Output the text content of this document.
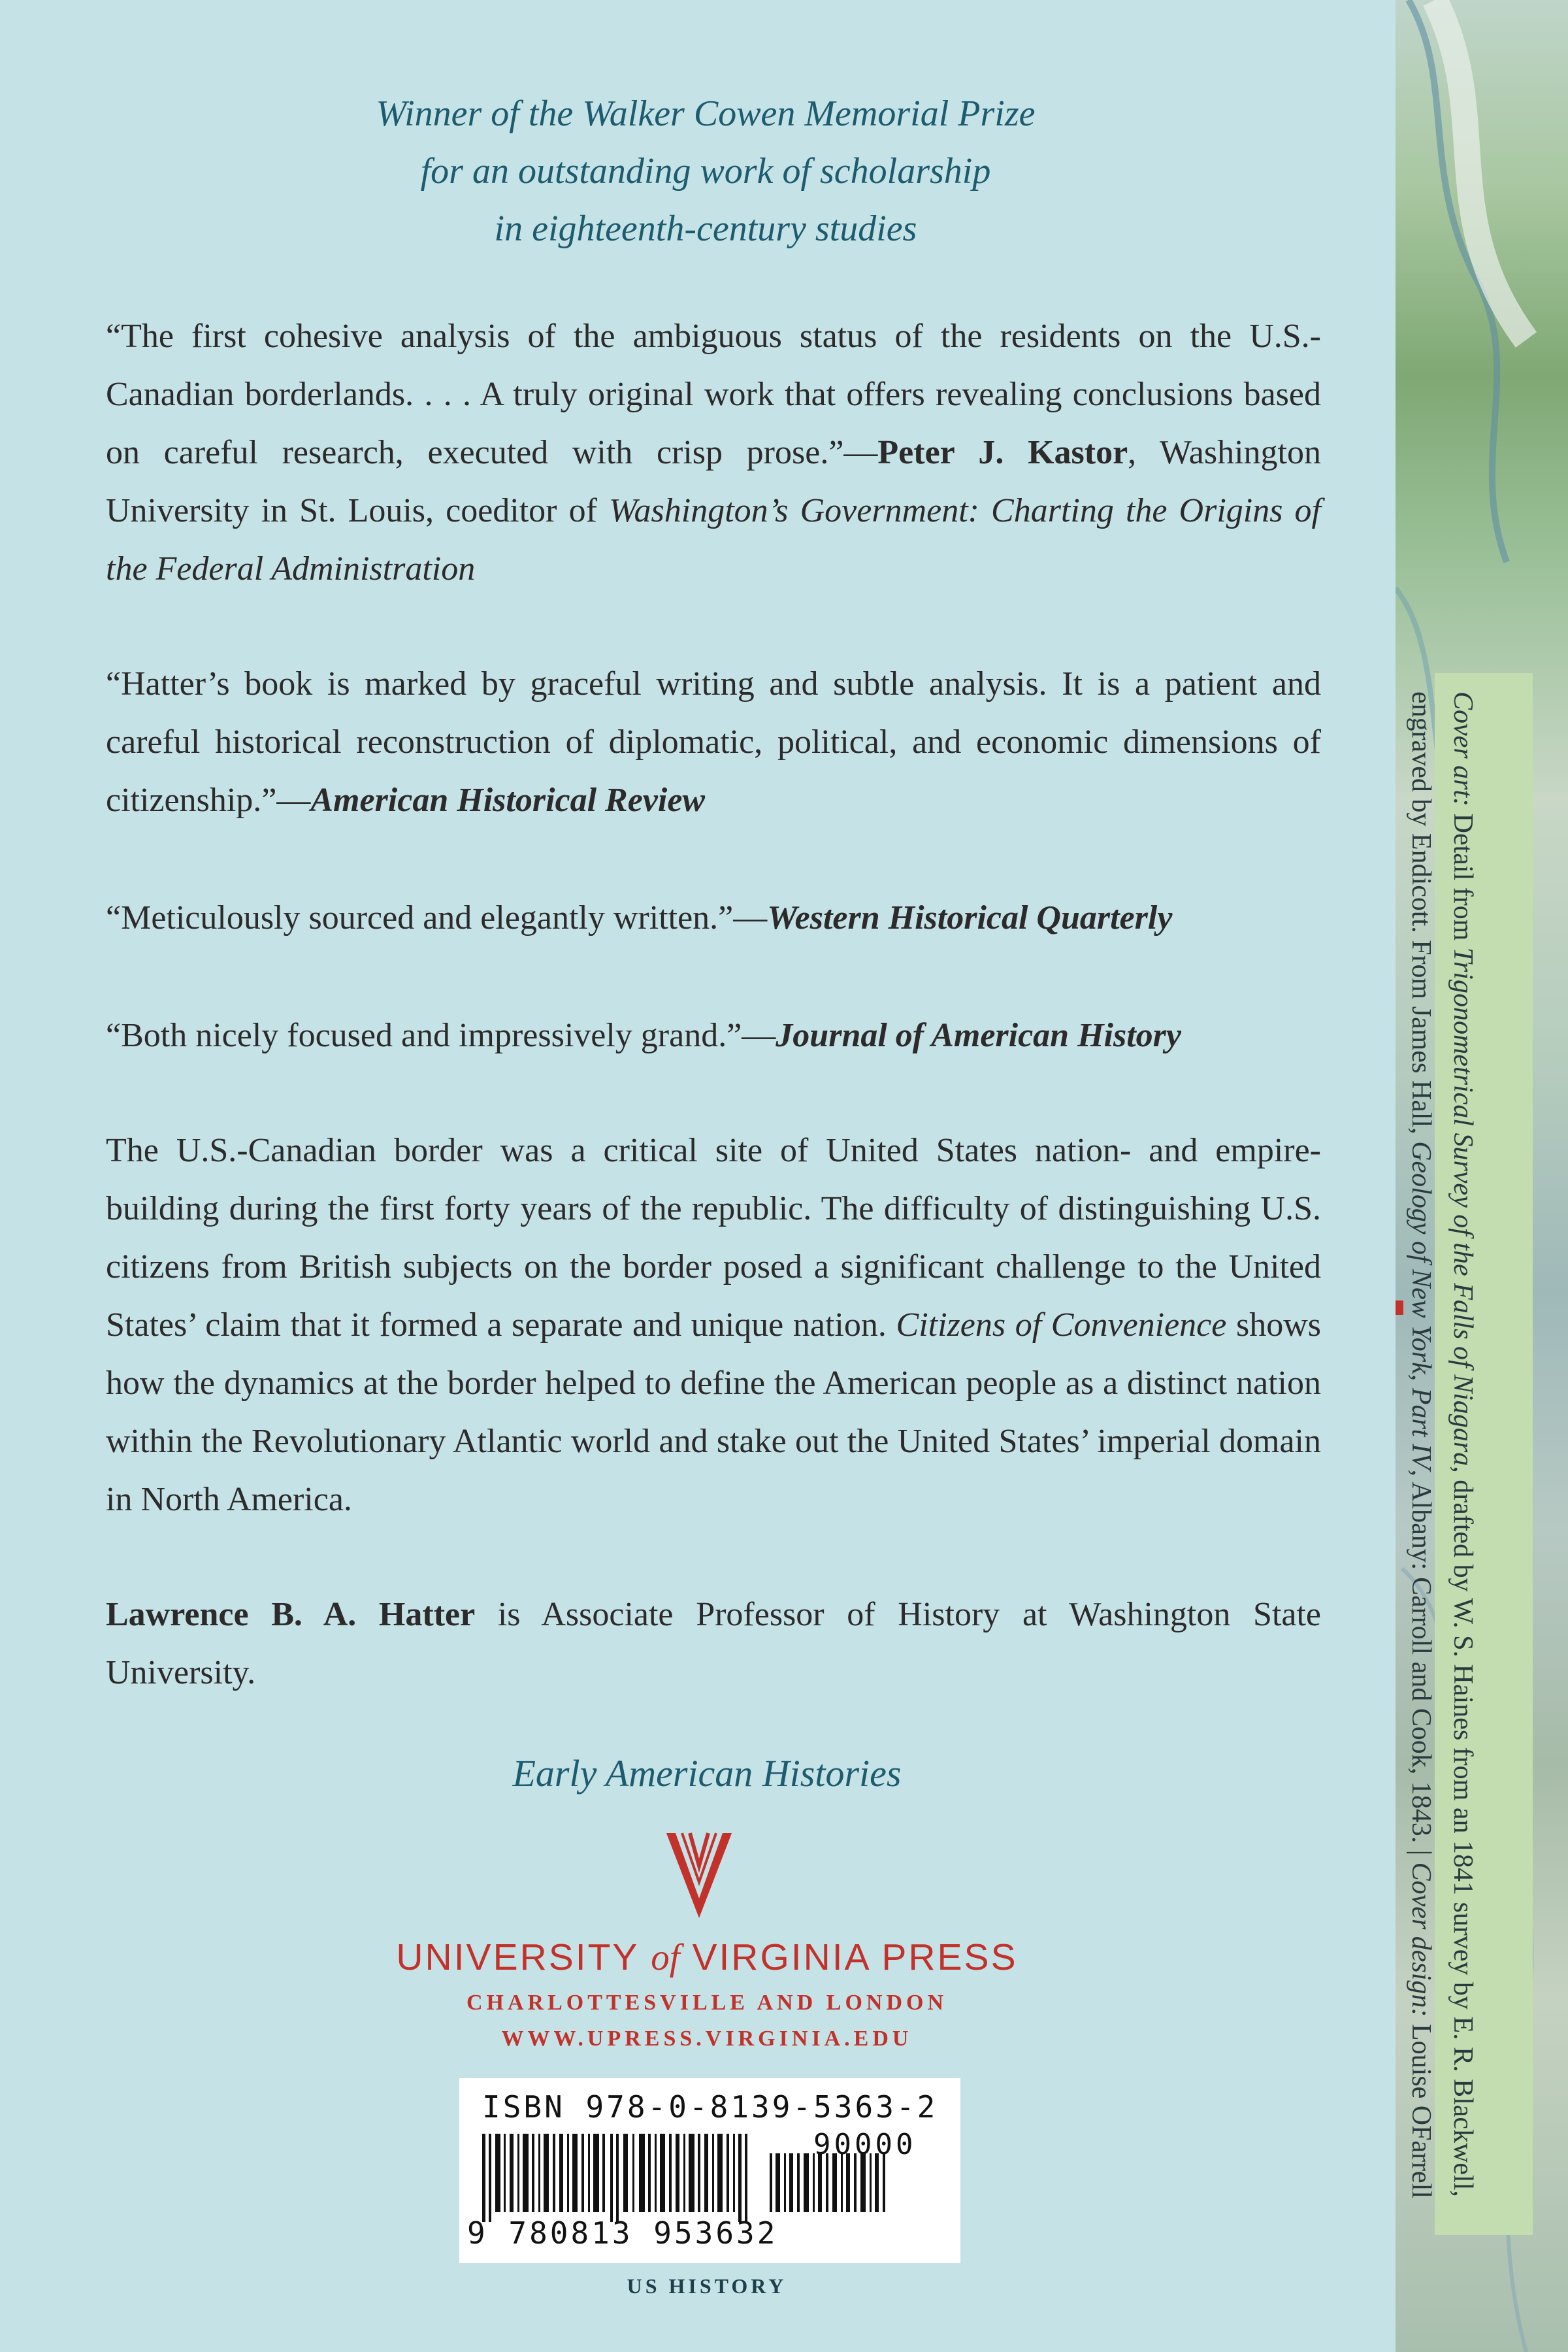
Cover art: Detail from Trigonometrical Survey of the Falls of Niagara, drafted by W. S. Haines from an 1841 survey by E. R. Blackwell, engraved by Endicott. From James Hall, Geology of New York, Part IV, Albany: Carroll and Cook, 1843. | Cover design: Louise OFarrell

Winner of the Walker Cowen Memorial Prize
for an outstanding work of scholarship
in eighteenth-century studies

“The first cohesive analysis of the ambiguous status of the residents on the U.S.-Canadian borderlands. . . . A truly original work that offers revealing conclusions based on careful research, executed with crisp prose.”—Peter J. Kastor, Washington University in St. Louis, coeditor of Washington’s Government: Charting the Origins of the Federal Administration

“Hatter’s book is marked by graceful writing and subtle analysis. It is a patient and careful historical reconstruction of diplomatic, political, and economic dimensions of citizenship.”—American Historical Review

“Meticulously sourced and elegantly written.”—Western Historical Quarterly

“Both nicely focused and impressively grand.”—Journal of American History

The U.S.-Canadian border was a critical site of United States nation- and empire-building during the first forty years of the republic. The difficulty of distinguishing U.S. citizens from British subjects on the border posed a significant challenge to the United States’ claim that it formed a separate and unique nation. Citizens of Convenience shows how the dynamics at the border helped to define the American people as a distinct nation within the Revolutionary Atlantic world and stake out the United States’ imperial domain in North America.

Lawrence B. A. Hatter is Associate Professor of History at Washington State University.

Early American Histories

UNIVERSITY of VIRGINIA PRESS

CHARLOTTESVILLE AND LONDON

WWW.UPRESS.VIRGINIA.EDU

ISBN 978-0-8139-5363-2

90000

9 780813 953632

US HISTORY
